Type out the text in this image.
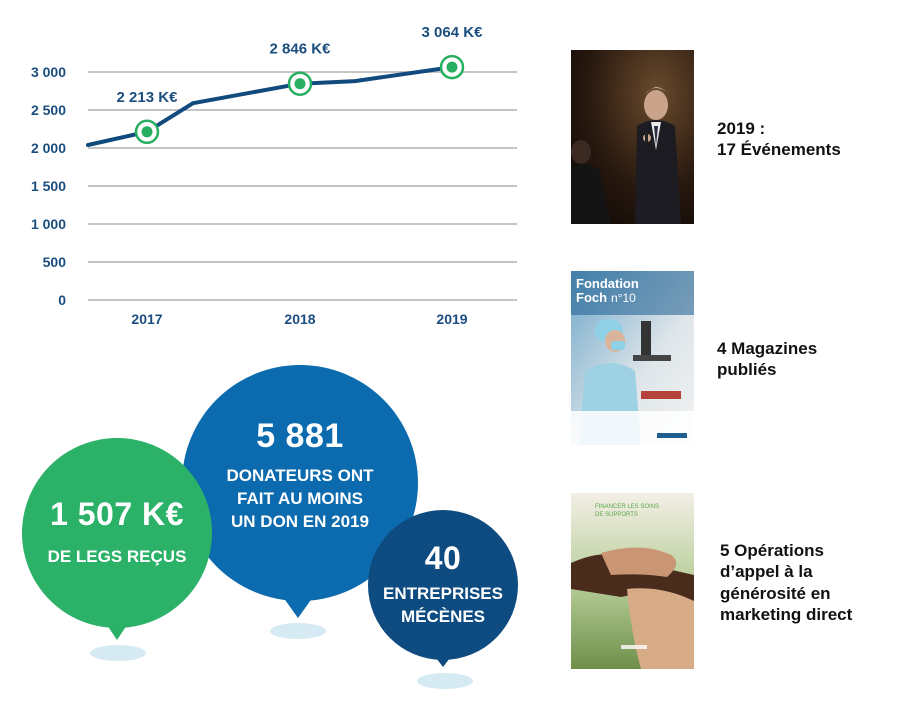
0
500
1 000
1 500
2 000
2 500
3 000
2017	2018	2019
2 213 K€
2 846 K€
3 064 K€
5 881
DONATEURS ONT
FAIT AU MOINS
UN DON EN 2019
1 507 K€
DE LEGS REÇUS	40
ENTREPRISES
MÉCÈNES
2019 :
17 Événements
Fondation
Foch n°10
4 Magazines
publiés
FINANCER LES SOINS
DE SUPPORTS
5 Opérations
d’appel à la
générosité en
marketing direct
